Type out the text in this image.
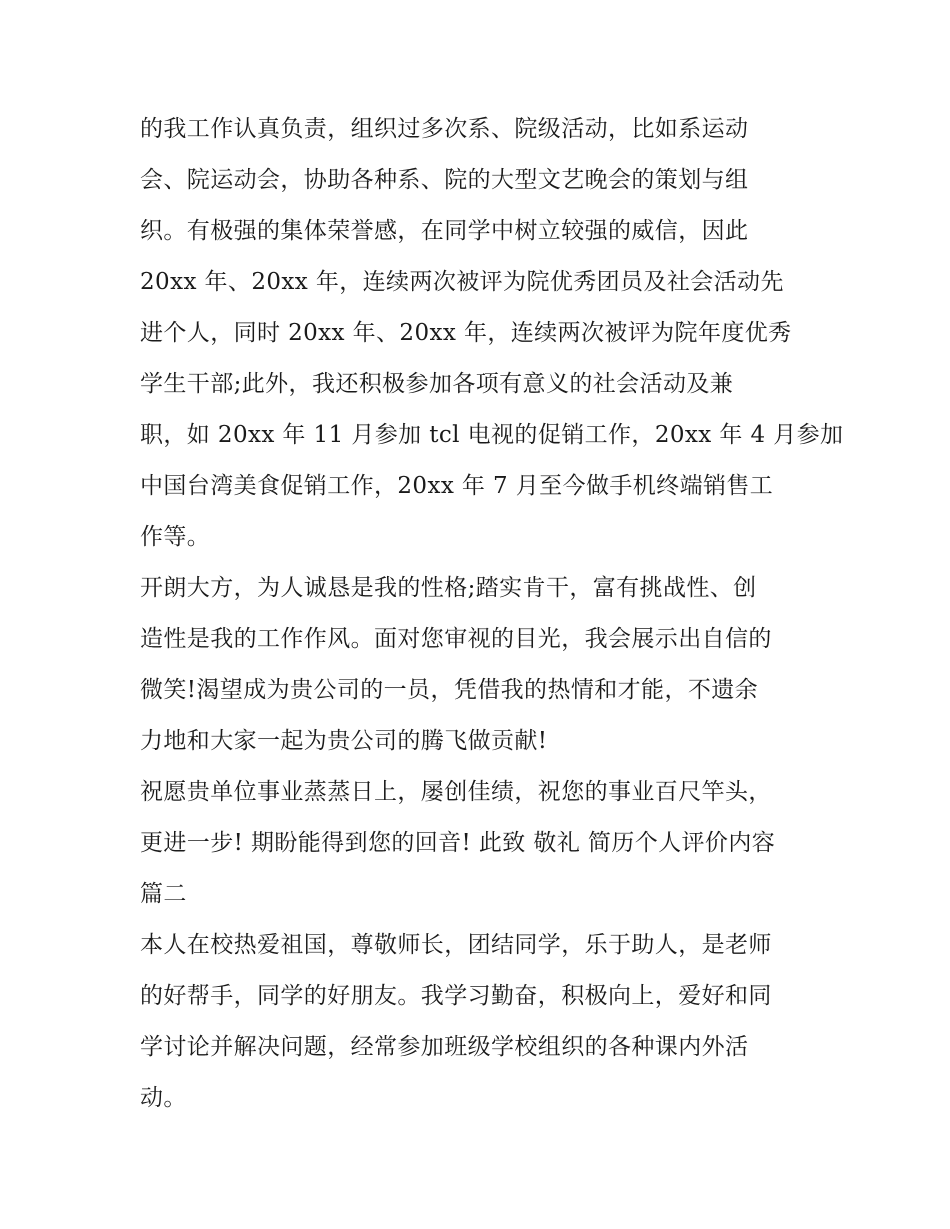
的我工作认真负责，组织过多次系、院级活动，比如系运动
会、院运动会，协助各种系、院的大型文艺晚会的策划与组
织。有极强的集体荣誉感，在同学中树立较强的威信，因此
20xx 年、20xx 年，连续两次被评为院优秀团员及社会活动先
进个人，同时 20xx 年、20xx 年，连续两次被评为院年度优秀
学生干部;此外，我还积极参加各项有意义的社会活动及兼
职，如 20xx 年 11 月参加 tcl 电视的促销工作，20xx 年 4 月参加
中国台湾美食促销工作，20xx 年 7 月至今做手机终端销售工
作等。
开朗大方，为人诚恳是我的性格;踏实肯干，富有挑战性、创
造性是我的工作作风。面对您审视的目光，我会展示出自信的
微笑!渴望成为贵公司的一员，凭借我的热情和才能，不遗余
力地和大家一起为贵公司的腾飞做贡献!
祝愿贵单位事业蒸蒸日上，屡创佳绩，祝您的事业百尺竿头，
更进一步! 期盼能得到您的回音! 此致 敬礼 简历个人评价内容
篇二
本人在校热爱祖国，尊敬师长，团结同学，乐于助人，是老师
的好帮手，同学的好朋友。我学习勤奋，积极向上，爱好和同
学讨论并解决问题，经常参加班级学校组织的各种课内外活
动。
